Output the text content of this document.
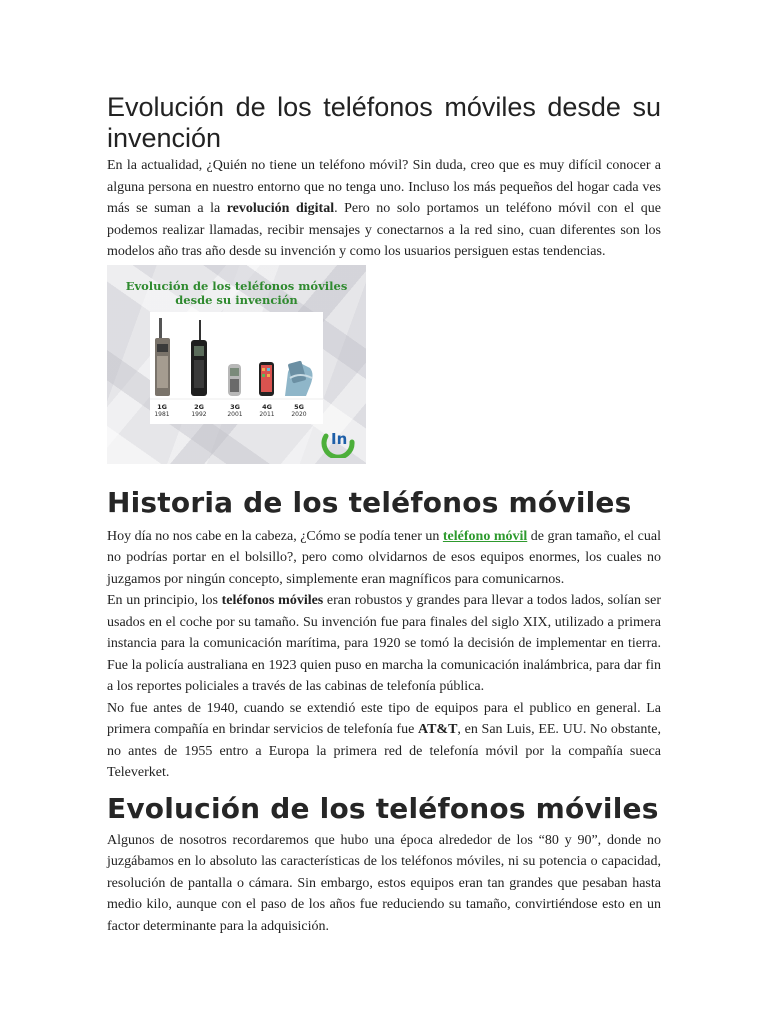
Evolución de los teléfonos móviles desde su invención

En la actualidad, ¿Quién no tiene un teléfono móvil? Sin duda, creo que es muy difícil conocer a alguna persona en nuestro entorno que no tenga uno. Incluso los más pequeños del hogar cada ves más se suman a la revolución digital. Pero no solo portamos un teléfono móvil con el que podemos realizar llamadas, recibir mensajes y conectarnos a la red sino, cuan diferentes son los modelos año tras año desde su invención y como los usuarios persiguen estas tendencias.

Evolución de los teléfonos móviles
desde su invención
1G
1981
2G
1992
3G
2001
4G
2011
5G
2020
In
Historia de los teléfonos móviles

Hoy día no nos cabe en la cabeza, ¿Cómo se podía tener un teléfono móvil de gran tamaño, el cual no podrías portar en el bolsillo?, pero como olvidarnos de esos equipos enormes, los cuales no juzgamos por ningún concepto, simplemente eran magníficos para comunicarnos.

En un principio, los teléfonos móviles eran robustos y grandes para llevar a todos lados, solían ser usados en el coche por su tamaño. Su invención fue para finales del siglo XIX, utilizado a primera instancia para la comunicación marítima, para 1920 se tomó la decisión de implementar en tierra. Fue la policía australiana en 1923 quien puso en marcha la comunicación inalámbrica, para dar fin a los reportes policiales a través de las cabinas de telefonía pública.

No fue antes de 1940, cuando se extendió este tipo de equipos para el publico en general. La primera compañía en brindar servicios de telefonía fue AT&T, en San Luis, EE. UU. No obstante, no antes de 1955 entro a Europa la primera red de telefonía móvil por la compañía sueca Televerket.

Evolución de los teléfonos móviles

Algunos de nosotros recordaremos que hubo una época alrededor de los “80 y 90”, donde no juzgábamos en lo absoluto las características de los teléfonos móviles, ni su potencia o capacidad, resolución de pantalla o cámara. Sin embargo, estos equipos eran tan grandes que pesaban hasta medio kilo, aunque con el paso de los años fue reduciendo su tamaño, convirtiéndose esto en un factor determinante para la adquisición.
